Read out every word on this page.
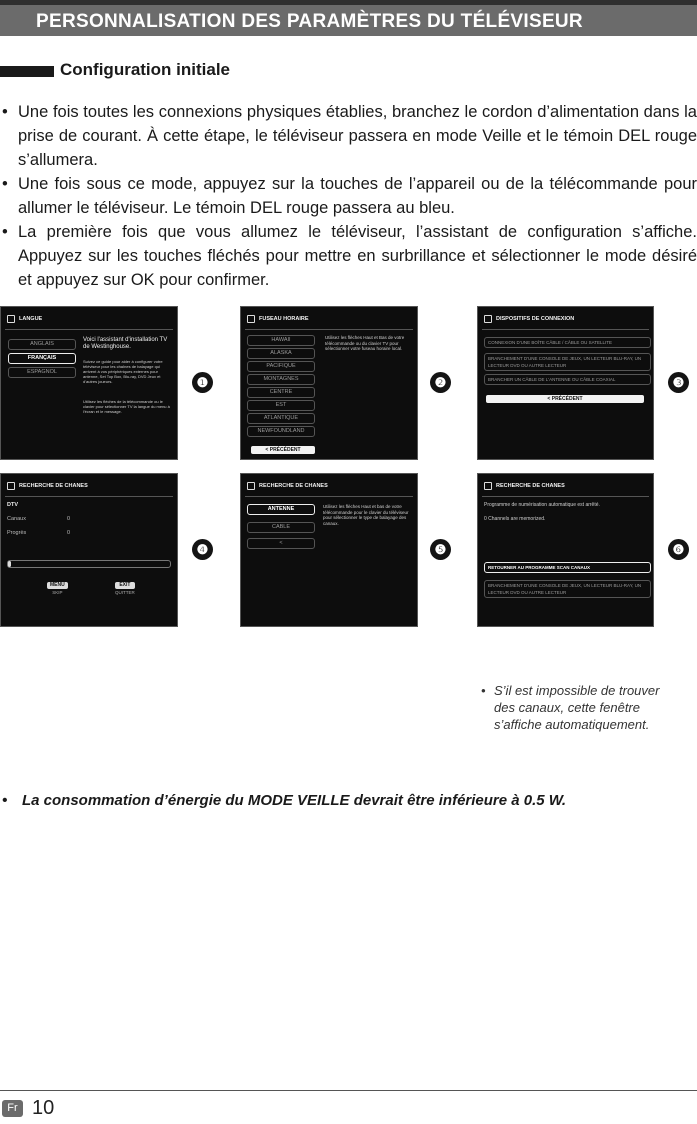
PERSONNALISATION DES PARAMÈTRES DU TÉLÉVISEUR
Configuration initiale
• Une fois toutes les connexions physiques établies, branchez le cordon d’alimentation dans la prise de courant. À cette étape, le téléviseur passera en mode Veille et le témoin DEL rouge s’allumera.
• Une fois sous ce mode, appuyez sur la touches de l’appareil ou de la télécommande pour allumer le téléviseur. Le témoin DEL rouge passera au bleu.
• La première fois que vous allumez le téléviseur, l’assistant de configuration s’affiche. Appuyez sur les touches fléchés pour mettre en surbrillance et sélectionner le mode désiré et appuyez sur OK pour confirmer.
LANGUE
ANGLAIS
FRANÇAIS
ESPAGNOL
Voici l'assistant d'installation TV de Westinghouse.
Suivez ce guide pour aider à configurer votre téléviseur pour les chaînes de balayage qui arrivent à vos périphériques externes pour antenne, Set Top Box, Blu-ray, DVD Jeux et d'autres joueurs.
Utilisez les flèches de la télécommande ou le clavier pour sélectionner TV la langue du menu à l'écran et le message.
❶
FUSEAU HORAIRE
HAWAII
ALASKA
PACIFIQUE
MONTAGNES
CENTRE
EST
ATLANTIQUE
NEWFOUNDLAND
Utilisez les flèches Haut et Bas de votre télécommande ou du clavier TV pour sélectionner votre fuseau horaire local.
< PRÉCÉDENT
❷
DISPOSITIFS DE CONNEXION
CONNEXION D'UNE BOÎTE CÂBLE / CÂBLE OU SATELLITE
BRANCHEMENT D'UNE CONSOLE DE JEUX, UN LECTEUR BLU-RAY, UN LECTEUR DVD OU AUTRE LECTEUR
BRANCHER UN CÂBLE DE L'ANTENNE OU CÂBLE COAXIAL
< PRÉCÉDENT
❸
RECHERCHE DE CHANES
DTV
Canaux	0
Progrès	0
MENU
SKIP
EXIT
QUITTER
❹
RECHERCHE DE CHANES
ANTENNE
CABLE
<
Utilisez les flèches Haut et bas de votre télécommande pour le clavier du téléviseur pour sélectionner le type de balayage des canaux.
❺
RECHERCHE DE CHANES
Programme de numérisation automatique est arrêté.
0 Channels are memorized.
RETOURNER AU PROGRAMME SCAN CANAUX
BRANCHEMENT D'UNE CONSOLE DE JEUX, UN LECTEUR BLU-RAY, UN LECTEUR DVD OU AUTRE LECTEUR
❻
• S’il est impossible de trouver des canaux, cette fenêtre s’affiche automatiquement.
• La consommation d’énergie du MODE VEILLE devrait être inférieure à 0.5 W.
Fr 10
